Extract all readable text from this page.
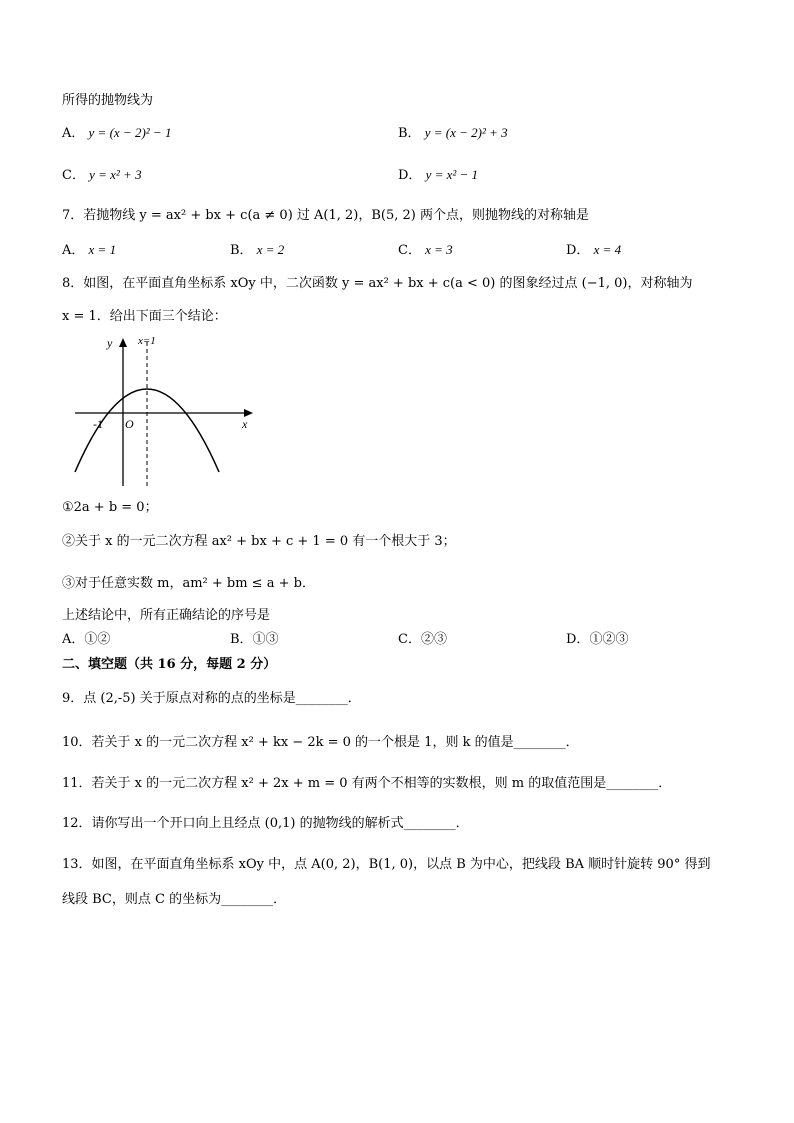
所得的抛物线为
A． y = (x − 2)² − 1	B． y = (x − 2)² + 3
C． y = x² + 3	D． y = x² − 1
7．若抛物线 y = ax² + bx + c(a ≠ 0) 过 A(1, 2)，B(5, 2) 两个点，则抛物线的对称轴是
A． x = 1	B． x = 2	C． x = 3	D． x = 4
8．如图，在平面直角坐标系 xOy 中，二次函数 y = ax² + bx + c(a < 0) 的图象经过点 (−1, 0)，对称轴为
x = 1．给出下面三个结论：
y x=1
x
O
-1
①2a + b = 0；
②关于 x 的一元二次方程 ax² + bx + c + 1 = 0 有一个根大于 3；
③对于任意实数 m，am² + bm ≤ a + b．
上述结论中，所有正确结论的序号是
A．①②	B．①③	C．②③	D．①②③
二、填空题（共 16 分，每题 2 分）
9．点 (2,-5) 关于原点对称的点的坐标是________．
10．若关于 x 的一元二次方程 x² + kx − 2k = 0 的一个根是 1，则 k 的值是________．
11．若关于 x 的一元二次方程 x² + 2x + m = 0 有两个不相等的实数根，则 m 的取值范围是________．
12．请你写出一个开口向上且经点 (0,1) 的抛物线的解析式________．
13．如图，在平面直角坐标系 xOy 中，点 A(0, 2)，B(1, 0)，以点 B 为中心，把线段 BA 顺时针旋转 90° 得到
线段 BC，则点 C 的坐标为________．
